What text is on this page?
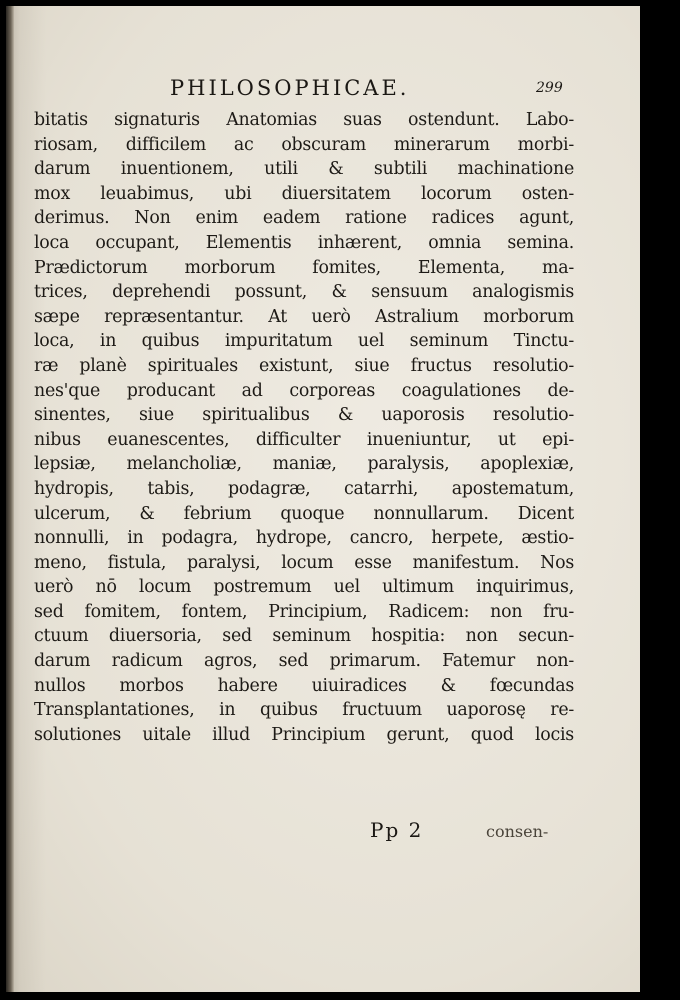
PHILOSOPHICAE.	299
bitatis signaturis Anatomias suas ostendunt. Labo-
riosam, difficilem ac obscuram minerarum morbi-
darum inuentionem, utili & subtili machinatione
mox leuabimus, ubi diuersitatem locorum osten-
derimus. Non enim eadem ratione radices agunt,
loca occupant, Elementis inhærent, omnia semina.
Prædictorum morborum fomites, Elementa, ma-
trices, deprehendi possunt, & sensuum analogismis
sæpe repræsentantur. At uerò Astralium morborum
loca, in quibus impuritatum uel seminum Tinctu-
ræ planè spirituales existunt, siue fructus resolutio-
nes'que producant ad corporeas coagulationes de-
sinentes, siue spiritualibus & uaporosis resolutio-
nibus euanescentes, difficulter inueniuntur, ut epi-
lepsiæ, melancholiæ, maniæ, paralysis, apoplexiæ,
hydropis, tabis, podagræ, catarrhi, apostematum,
ulcerum, & febrium quoque nonnullarum. Dicent
nonnulli, in podagra, hydrope, cancro, herpete, æstio-
meno, fistula, paralysi, locum esse manifestum. Nos
uerò nō locum postremum uel ultimum inquirimus,
sed fomitem, fontem, Principium, Radicem: non fru-
ctuum diuersoria, sed seminum hospitia: non secun-
darum radicum agros, sed primarum. Fatemur non-
nullos morbos habere uiuiradices & fœcundas
Transplantationes, in quibus fructuum uaporosę re-
solutiones uitale illud Principium gerunt, quod locis
Pp 2	consen-
